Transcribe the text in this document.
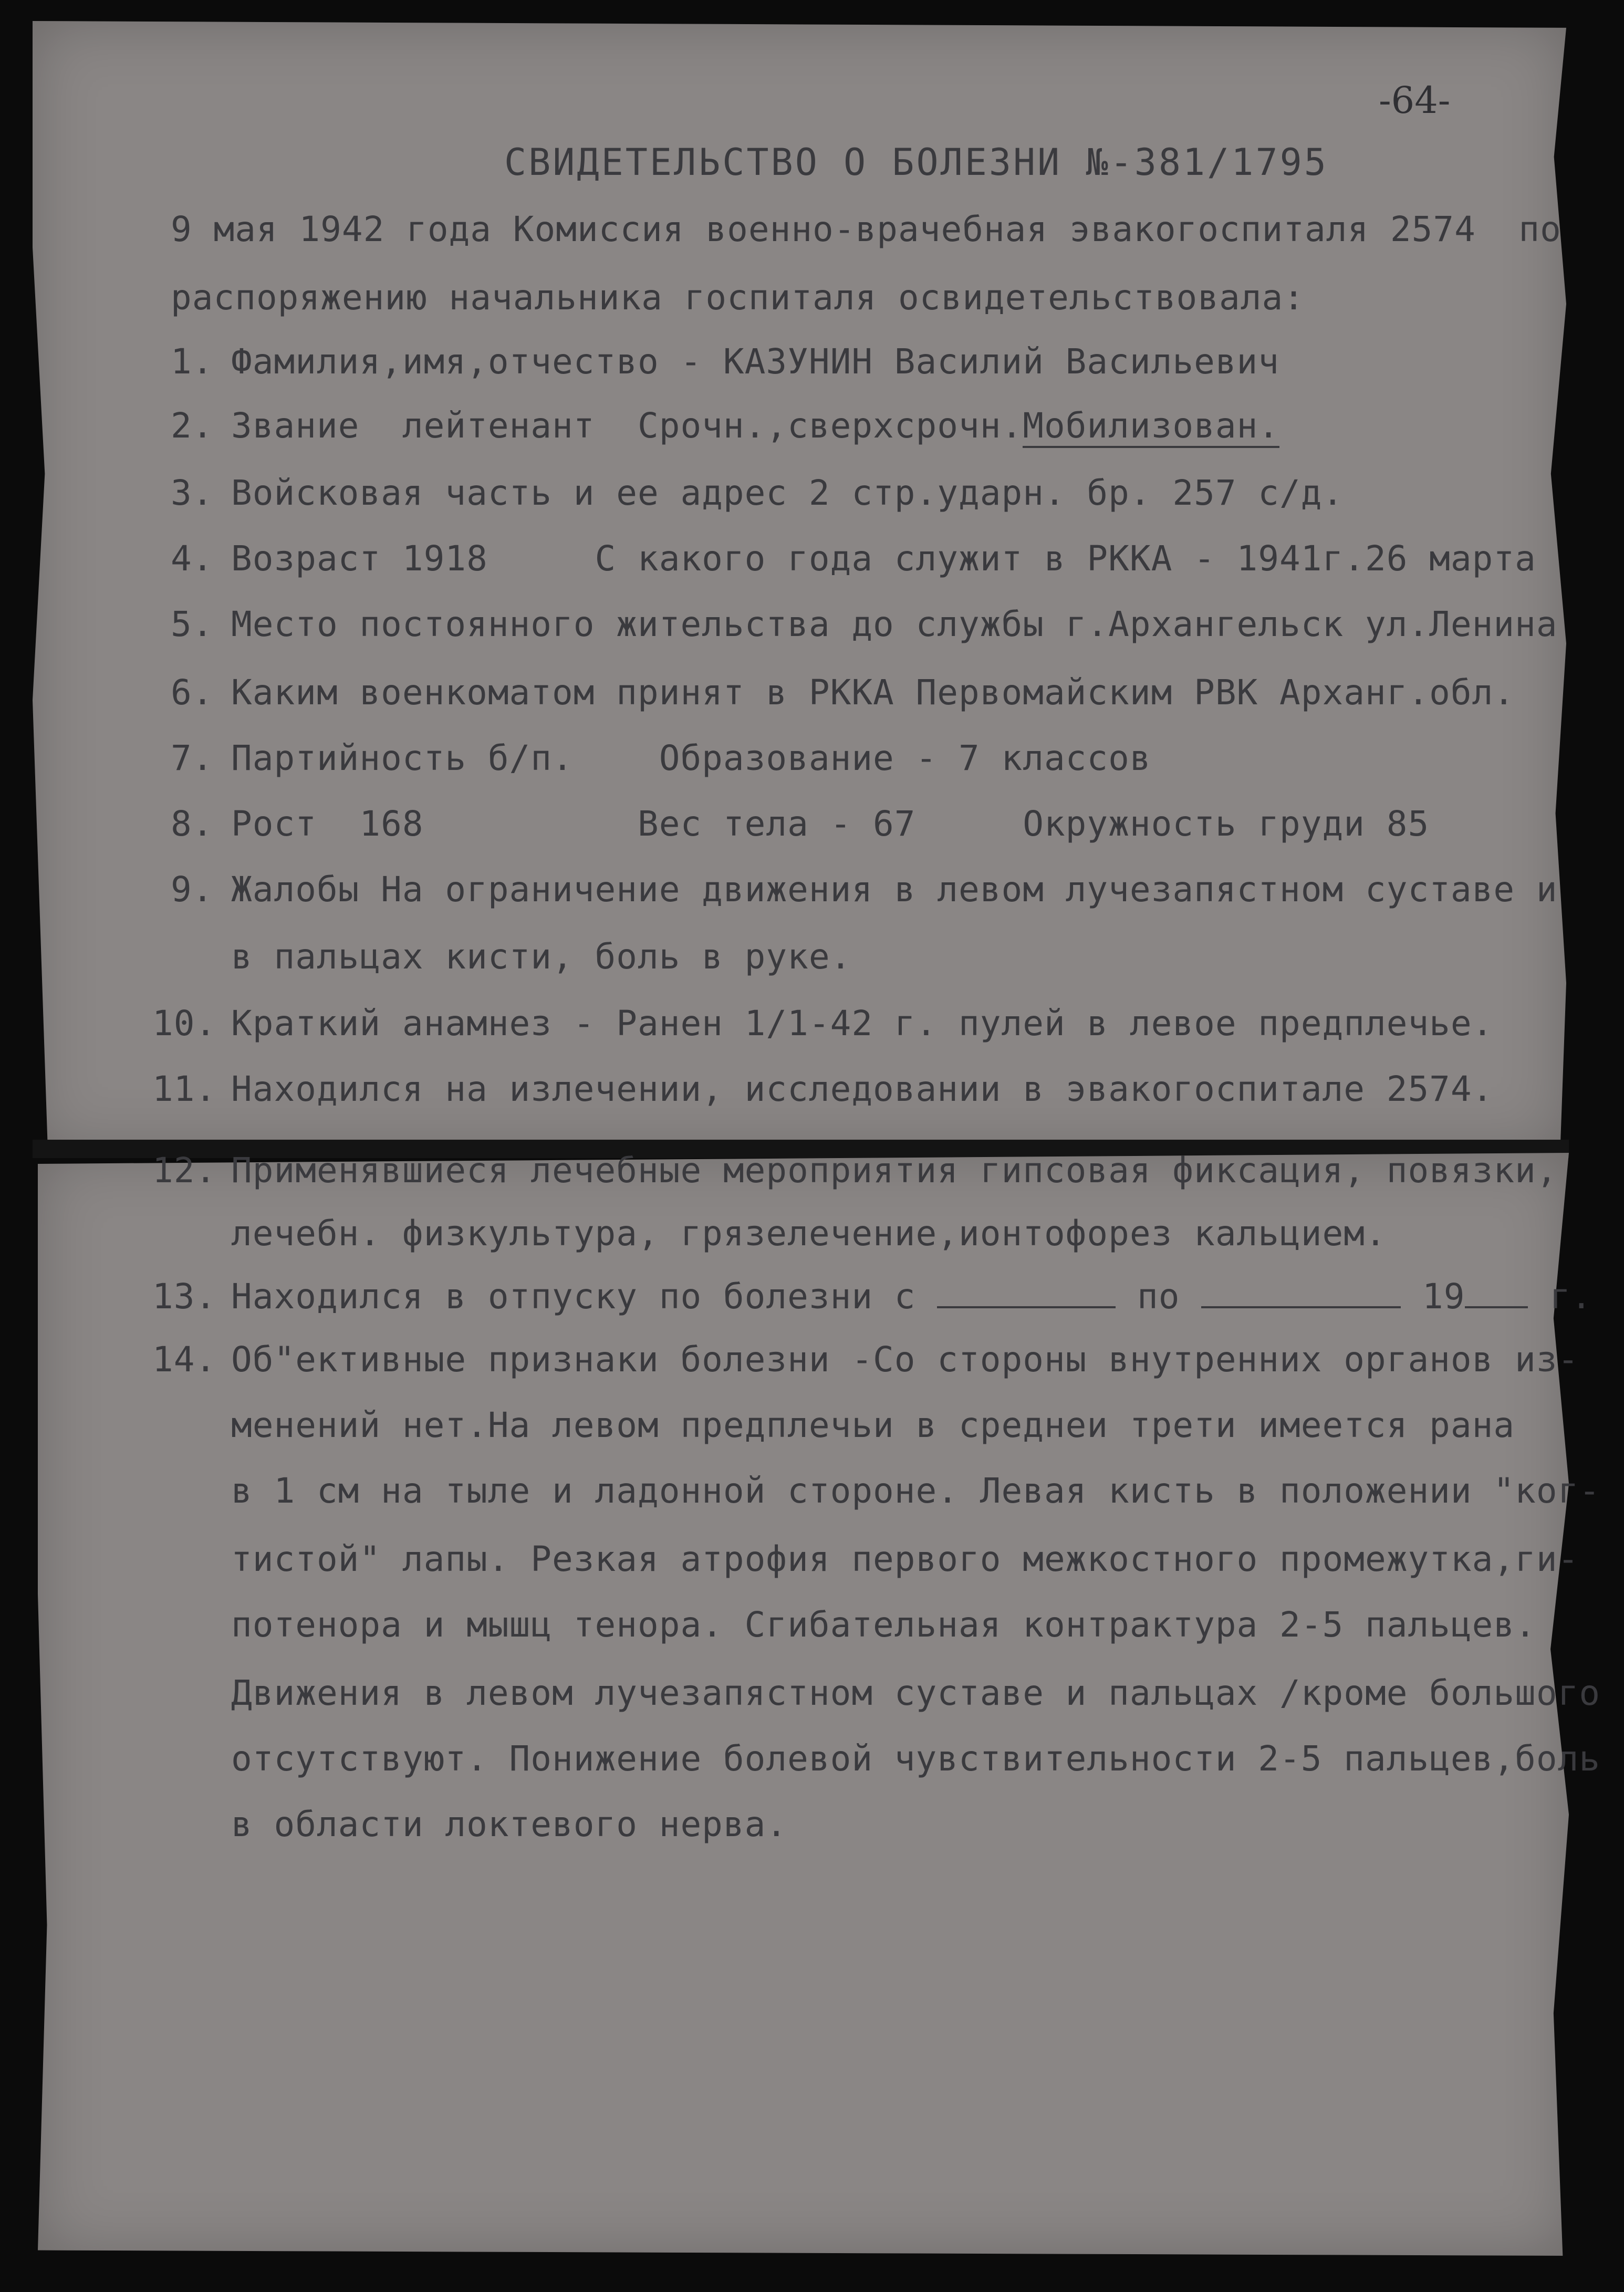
-64-
СВИДЕТЕЛЬСТВО О БОЛЕЗНИ №-381/1795
9 мая 1942 года Комиссия военно-врачебная эвакогоспиталя 2574  по
распоряжению начальника госпиталя освидетельствовала:
1. Фамилия,имя,отчество - КАЗУНИН Василий Васильевич
2. Звание  лейтенант  Срочн.,сверхсрочн.Мобилизован.
3. Войсковая часть и ее адрес 2 стр.ударн. бр. 257 с/д.
4. Возраст 1918     С какого года служит в РККА - 1941г.26 марта
5. Место постоянного жительства до службы г.Архангельск ул.Ленина
6. Каким военкоматом принят в РККА Первомайским РВК Арханг.обл.
7. Партийность б/п.    Образование - 7 классов
8. Рост  168          Вес тела - 67     Окружность груди 85
9. Жалобы На ограничение движения в левом лучезапястном суставе и
в пальцах кисти, боль в руке.
10. Краткий анамнез - Ранен 1/1-42 г. пулей в левое предплечье.
11. Находился на излечении, исследовании в эвакогоспитале 2574.
12. Применявшиеся лечебные мероприятия гипсовая фиксация, повязки,
лечебн. физкультура, грязелечение,ионтофорез кальцием.
13. Находился в отпуску по болезни с	по	19 г.
14. Об"ективные признаки болезни -Со стороны внутренних органов из-
менений нет.На левом предплечьи в среднеи трети имеется рана
в 1 см на тыле и ладонной стороне. Левая кисть в положении "ког-
тистой" лапы. Резкая атрофия первого межкостного промежутка,ги-
потенора и мышц тенора. Сгибательная контрактура 2-5 пальцев.
Движения в левом лучезапястном суставе и пальцах /кроме большого
отсутствуют. Понижение болевой чувствительности 2-5 пальцев,боль
в области локтевого нерва.
